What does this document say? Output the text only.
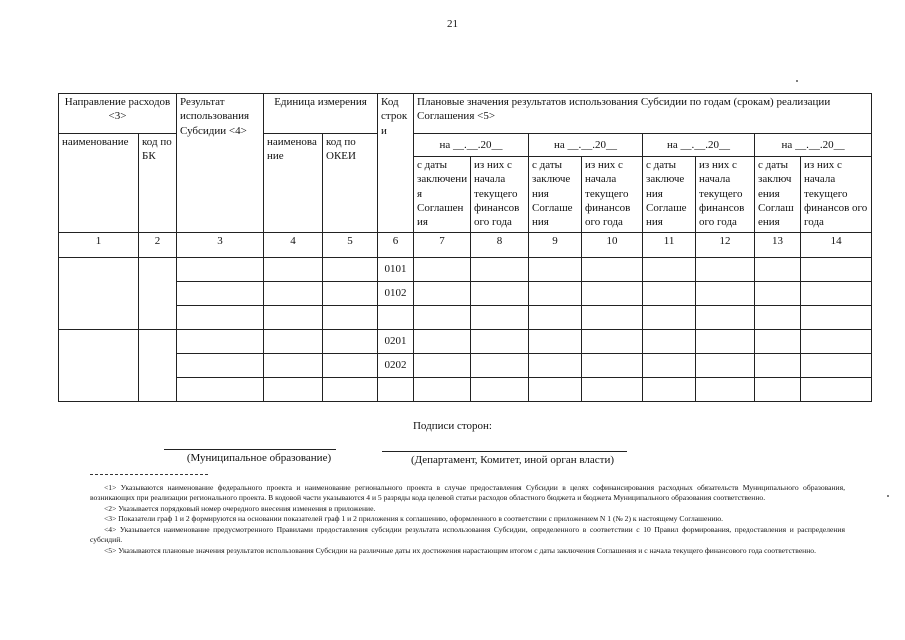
21
Направление расходов <3>		Результат использования Субсидии <4>	Единица измерения		Код строк и	Плановые значения результатов использования Субсидии по годам (срокам) реализации Соглашения <5>							
наименование	код по БК		наименова ние	код по ОКЕИ		на __.__.20__		на __.__.20__		на __.__.20__		на __.__.20__	
						с даты заключени я Соглашен ия	из них с начала текущего финансов ого года	с даты заключе ния Соглаше ния	из них с начала текущего финансов ого года	с даты заключе ния Соглаше ния	из них с начала текущего финансов ого года	с даты заключ ения Соглаш ения	из них с начала текущего финансов ого года
1	2	3	4	5	6	7	8	9	10	11	12	13	14
					0101								
					0102								

					0201								
					0202								

Подписи сторон:
(Муниципальное образование)	(Департамент, Комитет, иной орган власти)

<1> Указываются наименование федерального проекта и наименование регионального проекта в случае предоставления Субсидии в целях софинансирования расходных обязательств Муниципального образования, возникающих при реализации регионального проекта. В кодовой части указываются 4 и 5 разряды кода целевой статьи расходов областного бюджета и бюджета Муниципального образования соответственно.

<2> Указывается порядковый номер очередного внесения изменения в приложение.

<3> Показатели граф 1 и 2 формируются на основании показателей граф 1 и 2 приложения к соглашению, оформленного в соответствии с приложением N 1 (№ 2) к настоящему Соглашению.

<4> Указывается наименование предусмотренного Правилами предоставления субсидии результата использования Субсидии, определенного в соответствии с 10 Правил формирования, предоставления и распределения субсидий.

<5> Указываются плановые значения результатов использования Субсидии на различные даты их достижения нарастающим итогом с даты заключения Соглашения и с начала текущего финансового года соответственно.
